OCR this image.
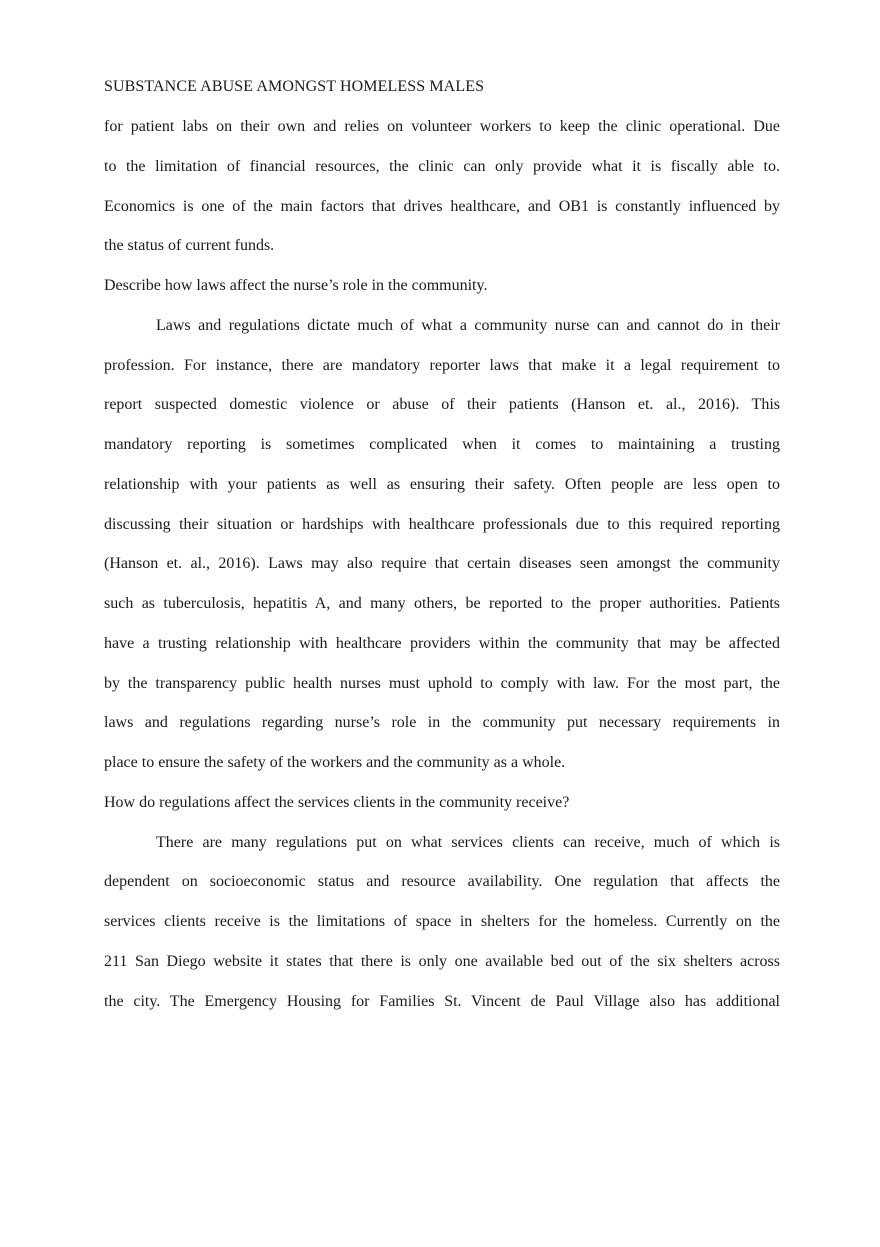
SUBSTANCE ABUSE AMONGST HOMELESS MALES
for patient labs on their own and relies on volunteer workers to keep the clinic operational. Due
to the limitation of financial resources, the clinic can only provide what it is fiscally able to.
Economics is one of the main factors that drives healthcare, and OB1 is constantly influenced by
the status of current funds.
Describe how laws affect the nurse’s role in the community.
Laws and regulations dictate much of what a community nurse can and cannot do in their
profession. For instance, there are mandatory reporter laws that make it a legal requirement to
report suspected domestic violence or abuse of their patients (Hanson et. al., 2016). This
mandatory reporting is sometimes complicated when it comes to maintaining a trusting
relationship with your patients as well as ensuring their safety. Often people are less open to
discussing their situation or hardships with healthcare professionals due to this required reporting
(Hanson et. al., 2016). Laws may also require that certain diseases seen amongst the community
such as tuberculosis, hepatitis A, and many others, be reported to the proper authorities. Patients
have a trusting relationship with healthcare providers within the community that may be affected
by the transparency public health nurses must uphold to comply with law. For the most part, the
laws and regulations regarding nurse’s role in the community put necessary requirements in
place to ensure the safety of the workers and the community as a whole.
How do regulations affect the services clients in the community receive?
There are many regulations put on what services clients can receive, much of which is
dependent on socioeconomic status and resource availability. One regulation that affects the
services clients receive is the limitations of space in shelters for the homeless. Currently on the
211 San Diego website it states that there is only one available bed out of the six shelters across
the city. The Emergency Housing for Families St. Vincent de Paul Village also has additional
